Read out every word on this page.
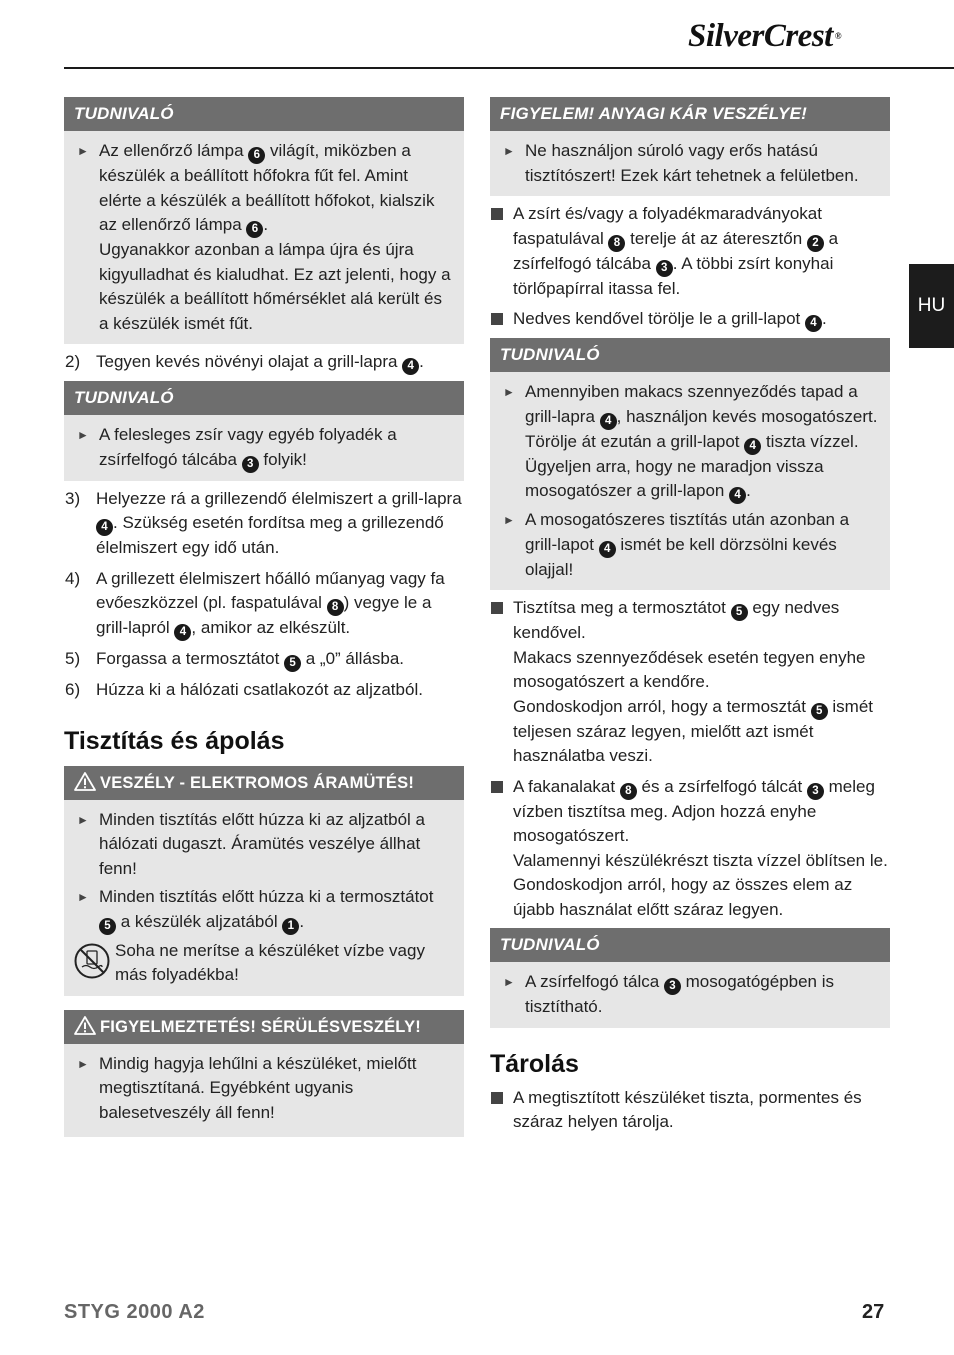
SilverCrest ®
HU
TUDNIVALÓ
► Az ellenőrző lámpa 6 világít, miközben a készülék a beállított hőfokra fűt fel. Amint elérte a készülék a beállított hőfokot, kialszik az ellenőrző lámpa 6 .
Ugyanakkor azonban a lámpa újra és újra kigyulladhat és kialudhat. Ez azt jelenti, hogy a készülék a beállított hőmérséklet alá került és a készülék ismét fűt.
2) Tegyen kevés növényi olajat a grill-lapra 4 .
TUDNIVALÓ
► A felesleges zsír vagy egyéb folyadék a zsírfelfogó tálcába 3 folyik!
3) Helyezze rá a grillezendő élelmiszert a grill-lapra 4 . Szükség esetén fordítsa meg a grillezendő élelmiszert egy idő után.
4) A grillezett élelmiszert hőálló műanyag vagy fa evőeszközzel (pl. faspatulával 8 ) vegye le a grill-lapról 4 , amikor az elkészült.
5) Forgassa a termosztátot 5 a „0” állásba.
6) Húzza ki a hálózati csatlakozót az aljzatból.
Tisztítás és ápolás
VESZÉLY - ELEKTROMOS ÁRAMÜTÉS!
► Minden tisztítás előtt húzza ki az aljzatból a hálózati dugaszt. Áramütés veszélye állhat fenn!
► Minden tisztítás előtt húzza ki a termosztátot 5 a készülék aljzatából 1 .
Soha ne merítse a készüléket vízbe vagy más folyadékba!
FIGYELMEZTETÉS! SÉRÜLÉSVESZÉLY!
► Mindig hagyja lehűlni a készüléket, mielőtt megtisztítaná. Egyébként ugyanis balesetveszély áll fenn!
FIGYELEM! ANYAGI KÁR VESZÉLYE!
► Ne használjon súroló vagy erős hatású tisztítószert! Ezek kárt tehetnek a felületben.
A zsírt és/vagy a folyadékmaradványokat faspatulával 8 terelje át az áteresztőn 2 a zsírfelfogó tálcába 3 . A többi zsírt konyhai törlőpapírral itassa fel.
Nedves kendővel törölje le a grill-lapot 4 .
TUDNIVALÓ
► Amennyiben makacs szennyeződés tapad a grill-lapra 4 , használjon kevés mosogatószert. Törölje át ezután a grill-lapot 4 tiszta vízzel. Ügyeljen arra, hogy ne maradjon vissza mosogatószer a grill-lapon 4 .
► A mosogatószeres tisztítás után azonban a grill-lapot 4 ismét be kell dörzsölni kevés olajjal!
Tisztítsa meg a termosztátot 5 egy nedves kendővel.
Makacs szennyeződések esetén tegyen enyhe mosogatószert a kendőre.
Gondoskodjon arról, hogy a termosztát 5 ismét teljesen száraz legyen, mielőtt azt ismét használatba veszi.
A fakanalakat 8 és a zsírfelfogó tálcát 3 meleg vízben tisztítsa meg. Adjon hozzá enyhe mosogatószert.
Valamennyi készülékrészt tiszta vízzel öblítsen le. Gondoskodjon arról, hogy az összes elem az újabb használat előtt száraz legyen.
TUDNIVALÓ
► A zsírfelfogó tálca 3 mosogatógépben is tisztítható.
Tárolás
A megtisztított készüléket tiszta, pormentes és száraz helyen tárolja.
STYG 2000 A2	27
